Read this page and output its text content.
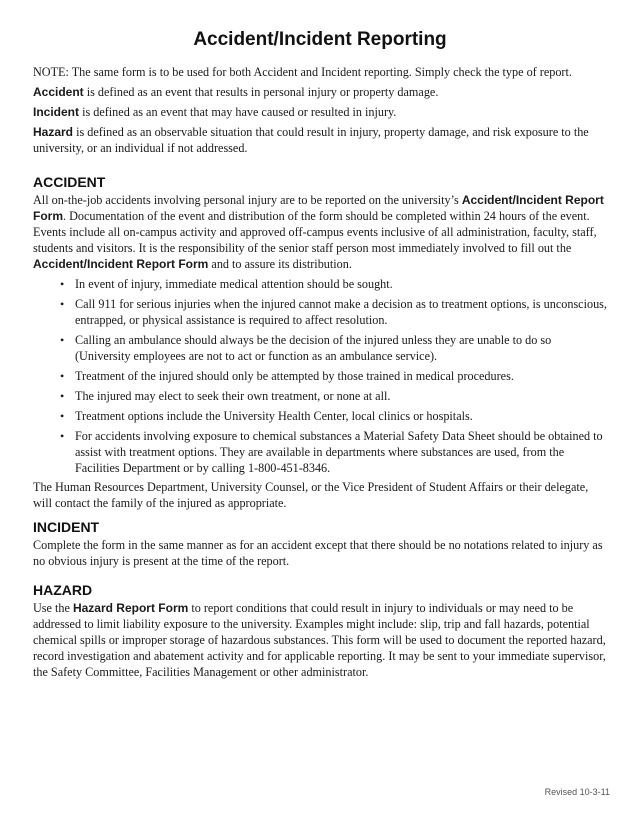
Accident/Incident Reporting

NOTE: The same form is to be used for both Accident and Incident reporting. Simply check the type of report.

Accident is defined as an event that results in personal injury or property damage.

Incident is defined as an event that may have caused or resulted in injury.

Hazard is defined as an observable situation that could result in injury, property damage, and risk exposure to the university, or an individual if not addressed.

ACCIDENT

All on-the-job accidents involving personal injury are to be reported on the university’s Accident/Incident Report Form. Documentation of the event and distribution of the form should be completed within 24 hours of the event. Events include all on-campus activity and approved off-campus events inclusive of all administration, faculty, staff, students and visitors. It is the responsibility of the senior staff person most immediately involved to fill out the Accident/Incident Report Form and to assure its distribution.

• In event of injury, immediate medical attention should be sought.
• Call 911 for serious injuries when the injured cannot make a decision as to treatment options, is unconscious, entrapped, or physical assistance is required to affect resolution.
• Calling an ambulance should always be the decision of the injured unless they are unable to do so (University employees are not to act or function as an ambulance service).
• Treatment of the injured should only be attempted by those trained in medical procedures.
• The injured may elect to seek their own treatment, or none at all.
• Treatment options include the University Health Center, local clinics or hospitals.
• For accidents involving exposure to chemical substances a Material Safety Data Sheet should be obtained to assist with treatment options. They are available in departments where substances are used, from the Facilities Department or by calling 1-800-451-8346.

The Human Resources Department, University Counsel, or the Vice President of Student Affairs or their delegate, will contact the family of the injured as appropriate.

INCIDENT

Complete the form in the same manner as for an accident except that there should be no notations related to injury as no obvious injury is present at the time of the report.

HAZARD

Use the Hazard Report Form to report conditions that could result in injury to individuals or may need to be addressed to limit liability exposure to the university. Examples might include: slip, trip and fall hazards, potential chemical spills or improper storage of hazardous substances. This form will be used to document the reported hazard, record investigation and abatement activity and for applicable reporting. It may be sent to your immediate supervisor, the Safety Committee, Facilities Management or other administrator.

Revised 10-3-11
